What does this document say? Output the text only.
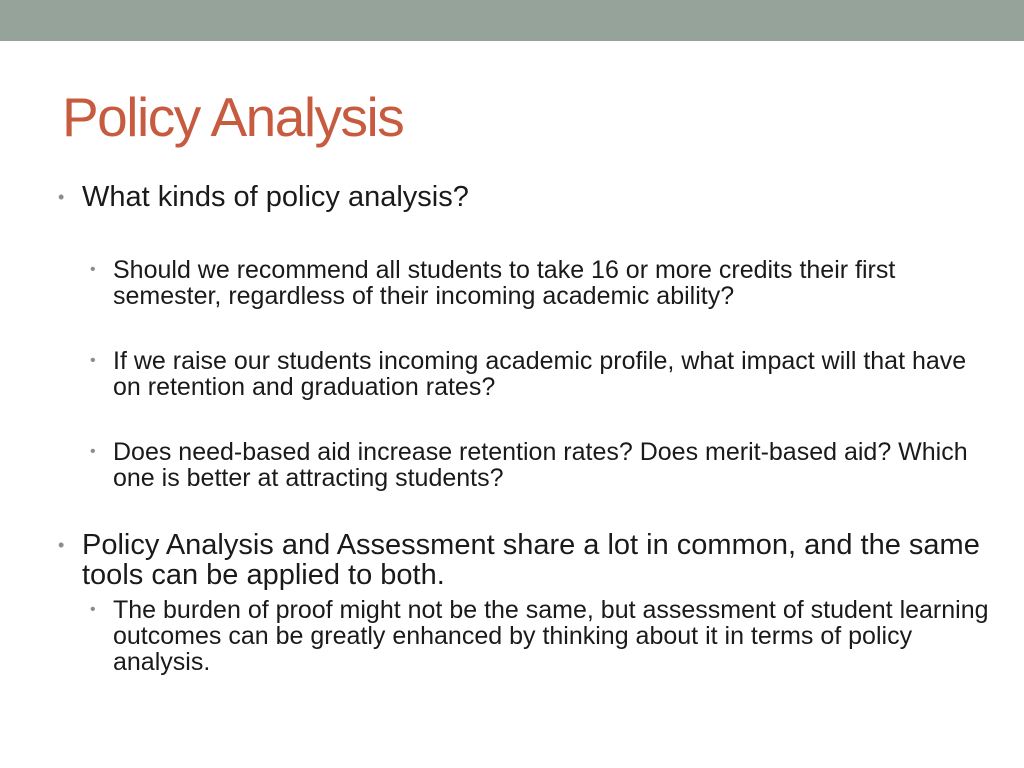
Policy Analysis
• What kinds of policy analysis?
• Should we recommend all students to take 16 or more credits their first semester, regardless of their incoming academic ability?
• If we raise our students incoming academic profile, what impact will that have on retention and graduation rates?
• Does need-based aid increase retention rates? Does merit-based aid? Which one is better at attracting students?
• Policy Analysis and Assessment share a lot in common, and the same tools can be applied to both.
• The burden of proof might not be the same, but assessment of student learning outcomes can be greatly enhanced by thinking about it in terms of policy analysis.
